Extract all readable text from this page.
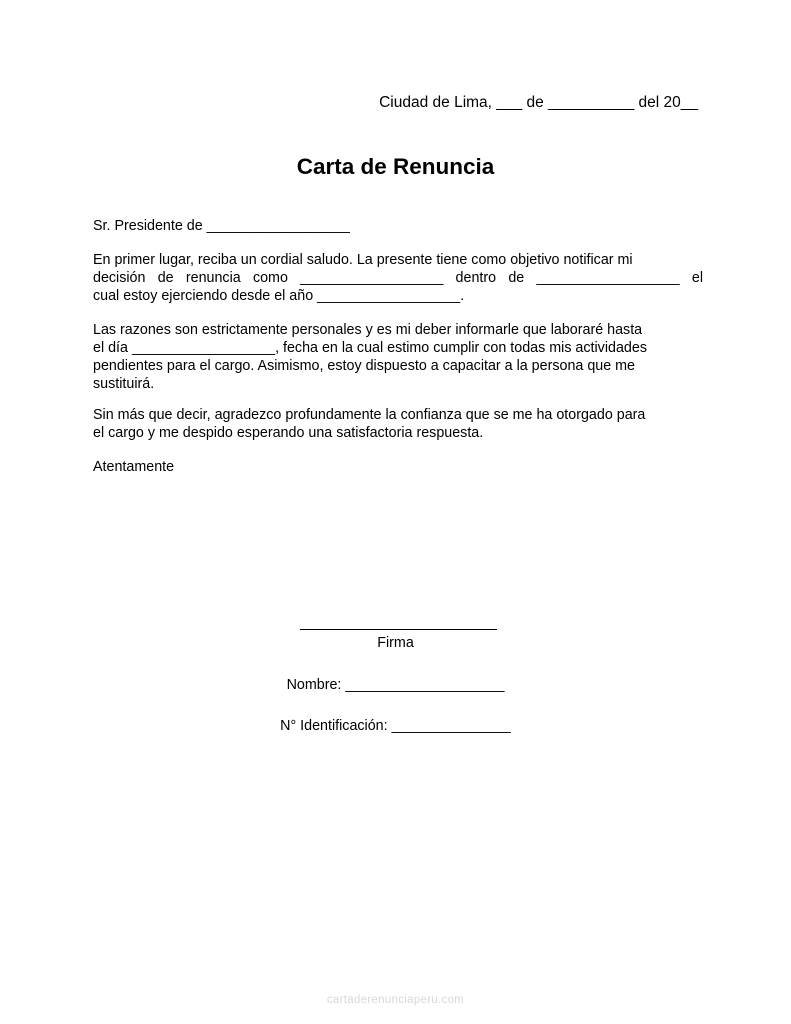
Ciudad de Lima, ___ de __________ del 20__
Carta de Renuncia
Sr. Presidente de __________________
En primer lugar, reciba un cordial saludo. La presente tiene como objetivo notificar mi
decisión de renuncia como __________________ dentro de __________________ el
cual estoy ejerciendo desde el año __________________.
Las razones son estrictamente personales y es mi deber informarle que laboraré hasta
el día __________________, fecha en la cual estimo cumplir con todas mis actividades
pendientes para el cargo. Asimismo, estoy dispuesto a capacitar a la persona que me
sustituirá.
Sin más que decir, agradezco profundamente la confianza que se me ha otorgado para
el cargo y me despido esperando una satisfactoria respuesta.
Atentamente
Firma
Nombre: ____________________
N° Identificación: _______________
cartaderenunciaperu.com
